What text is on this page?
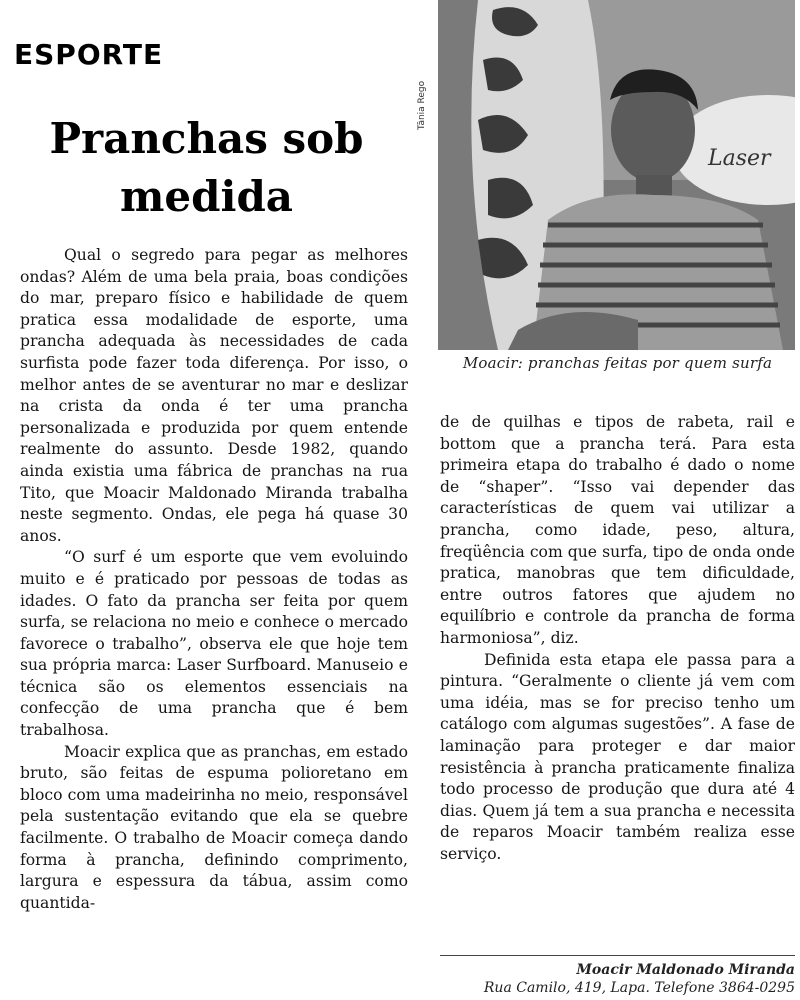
ESPORTE
Pranchas sob medida

Qual o segredo para pegar as melhores ondas? Além de uma bela praia, boas condições do mar, preparo físico e habilidade de quem pratica essa modalidade de esporte, uma prancha adequada às necessidades de cada surfista pode fazer toda diferença. Por isso, o melhor antes de se aventurar no mar e deslizar na crista da onda é ter uma prancha personalizada e produzida por quem entende realmente do assunto. Desde 1982, quando ainda existia uma fábrica de pranchas na rua Tito, que Moacir Maldonado Miranda trabalha neste segmento. Ondas, ele pega há quase 30 anos.

“O surf é um esporte que vem evoluindo muito e é praticado por pessoas de todas as idades. O fato da prancha ser feita por quem surfa, se relaciona no meio e conhece o mercado favorece o trabalho”, observa ele que hoje tem sua própria marca: Laser Surfboard. Manuseio e técnica são os elementos essenciais na confecção de uma prancha que é bem trabalhosa.

Moacir explica que as pranchas, em estado bruto, são feitas de espuma polioretano em bloco com uma madeirinha no meio, responsável pela sustentação evitando que ela se quebre facilmente. O trabalho de Moacir começa dando forma à prancha, definindo comprimento, largura e espessura da tábua, assim como quantida-

Tânia Rego
Laser
Moacir: pranchas feitas por quem surfa

de de quilhas e tipos de rabeta, rail e bottom que a prancha terá. Para esta primeira etapa do trabalho é dado o nome de “shaper”. “Isso vai depender das características de quem vai utilizar a prancha, como idade, peso, altura, freqüência com que surfa, tipo de onda onde pratica, manobras que tem dificuldade, entre outros fatores que ajudem no equilíbrio e controle da prancha de forma harmoniosa”, diz.

Definida esta etapa ele passa para a pintura. “Geralmente o cliente já vem com uma idéia, mas se for preciso tenho um catálogo com algumas sugestões”. A fase de laminação para proteger e dar maior resistência à prancha praticamente finaliza todo processo de produção que dura até 4 dias. Quem já tem a sua prancha e necessita de reparos Moacir também realiza esse serviço.

Moacir Maldonado Miranda
Rua Camilo, 419, Lapa. Telefone 3864-0295
